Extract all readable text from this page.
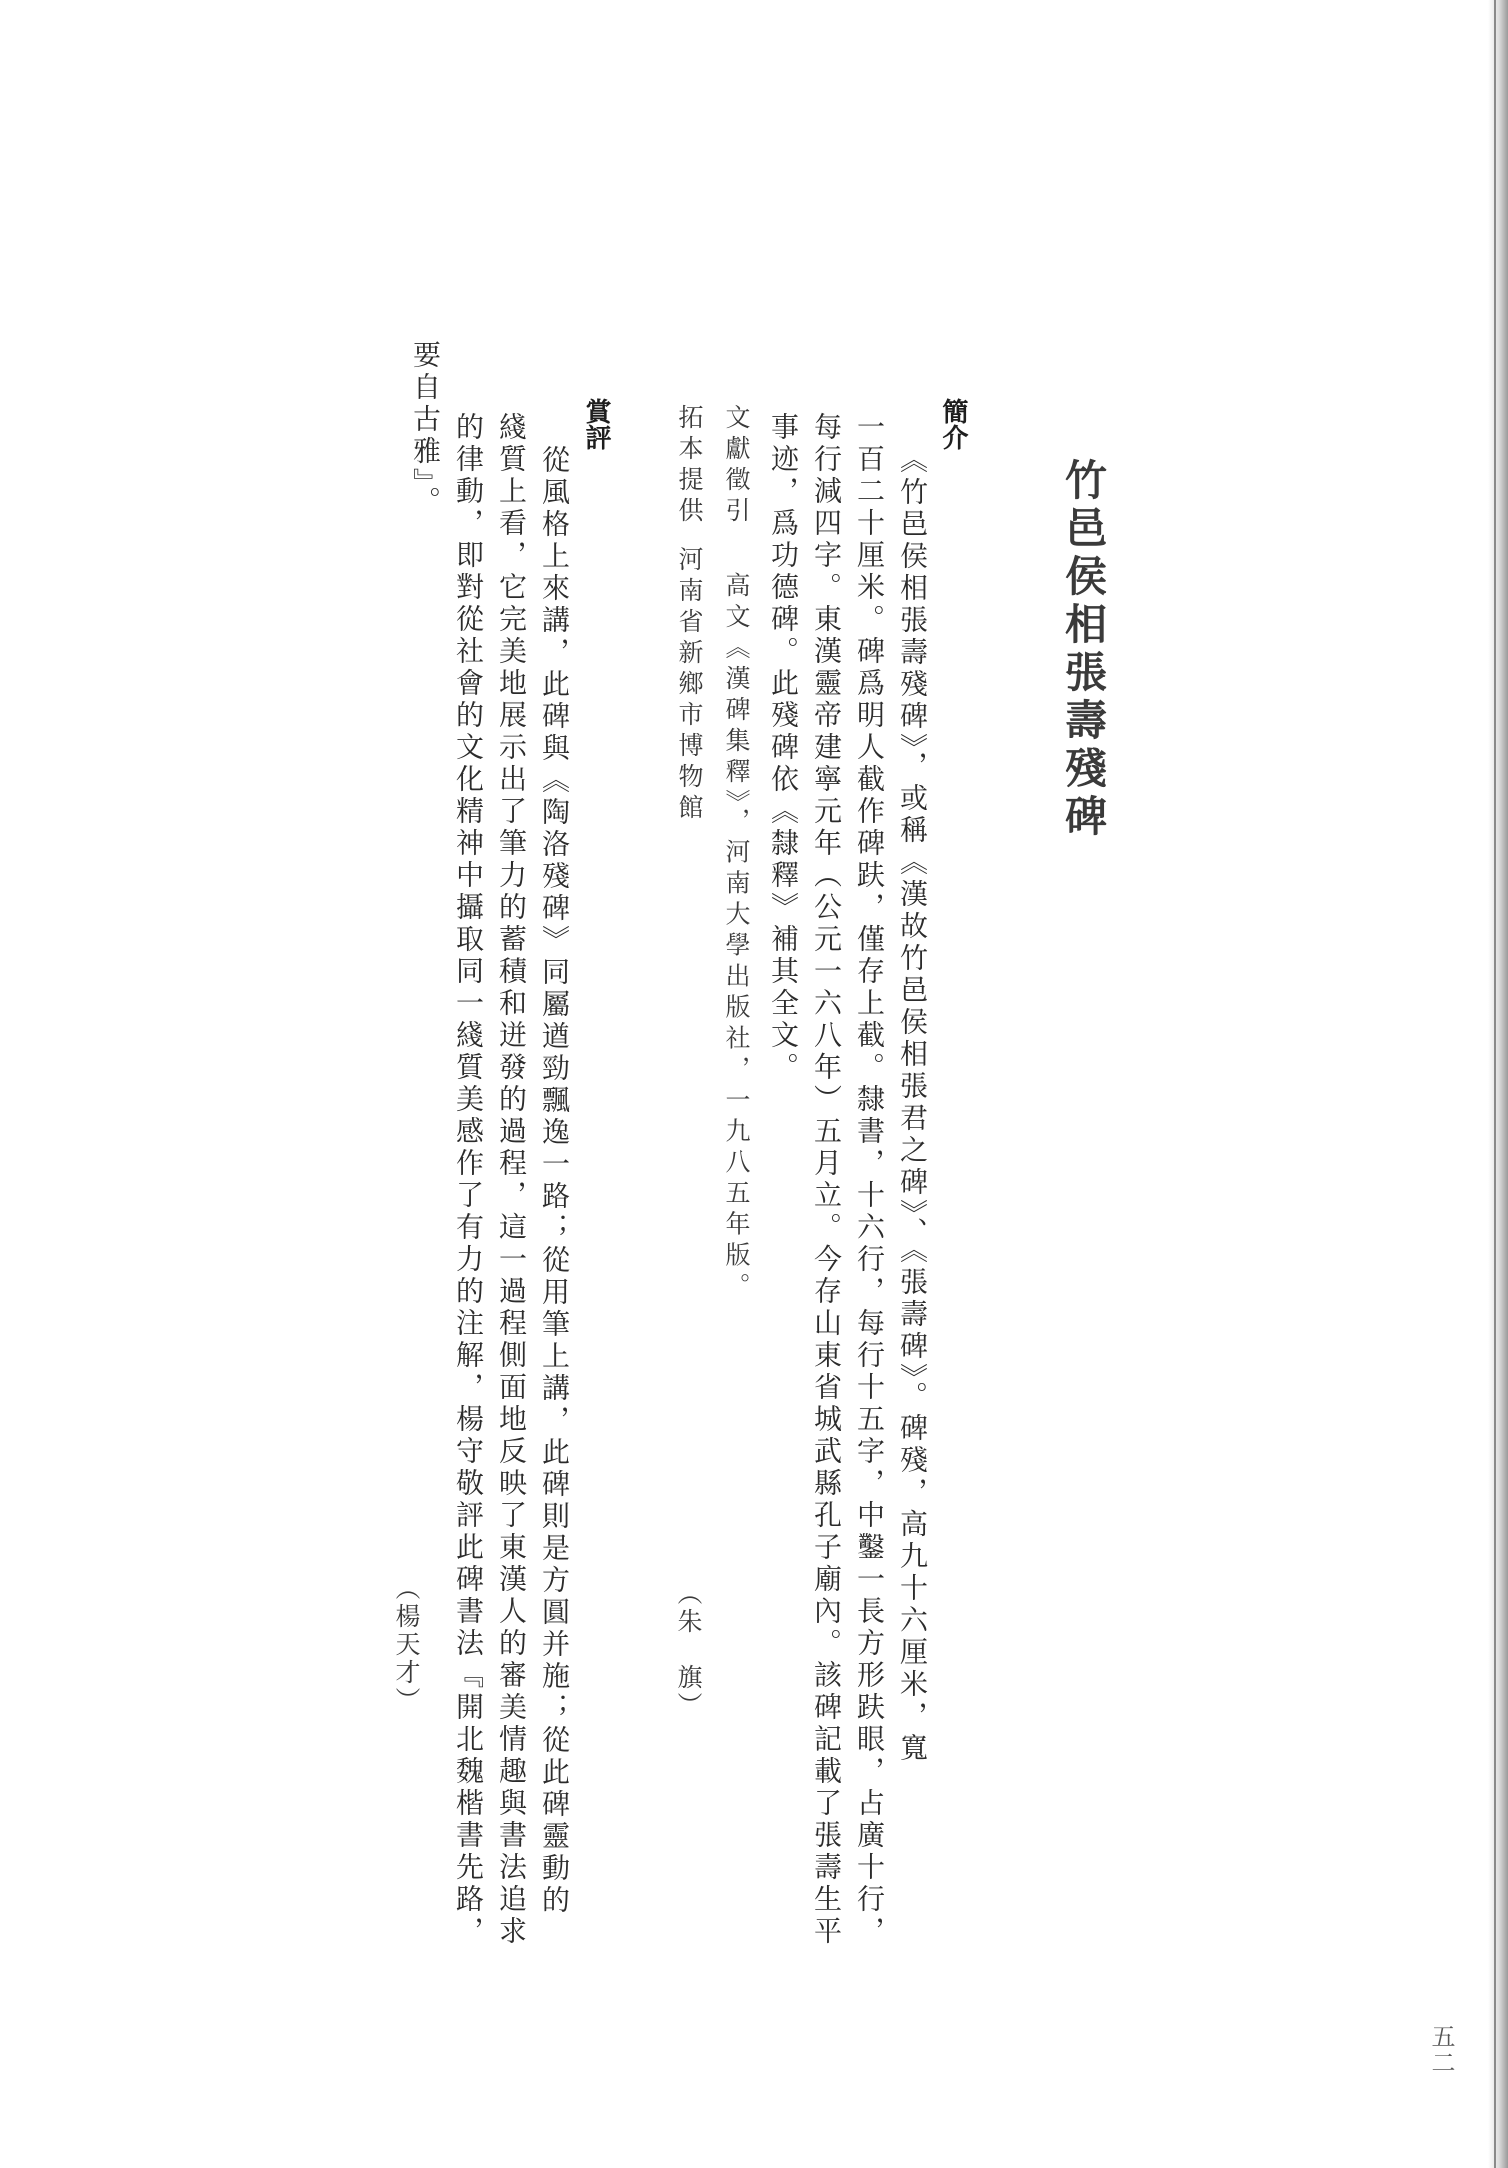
竹邑侯相張壽殘碑
簡介
《竹邑侯相張壽殘碑》，或稱《漢故竹邑侯相張君之碑》、《張壽碑》。碑殘，高九十六厘米，寬
一百二十厘米。碑爲明人截作碑趺，僅存上截。隸書，十六行，每行十五字，中鑿一長方形趺眼，占廣十行，
每行減四字。東漢靈帝建寧元年（公元一六八年）五月立。今存山東省城武縣孔子廟內。該碑記載了張壽生平
事迹，爲功德碑。此殘碑依《隸釋》補其全文。
文獻徵引高文《漢碑集釋》，河南大學出版社，一九八五年版。
拓本提供河南省新鄉市博物館
（朱　旗）
賞評
從風格上來講，此碑與《陶洛殘碑》同屬遒勁飄逸一路；從用筆上講，此碑則是方圓并施；從此碑靈動的
綫質上看，它完美地展示出了筆力的蓄積和迸發的過程，這一過程側面地反映了東漢人的審美情趣與書法追求
的律動，即對從社會的文化精神中攝取同一綫質美感作了有力的注解，楊守敬評此碑書法『開北魏楷書先路，
要自古雅』。
（楊天才）
五二
